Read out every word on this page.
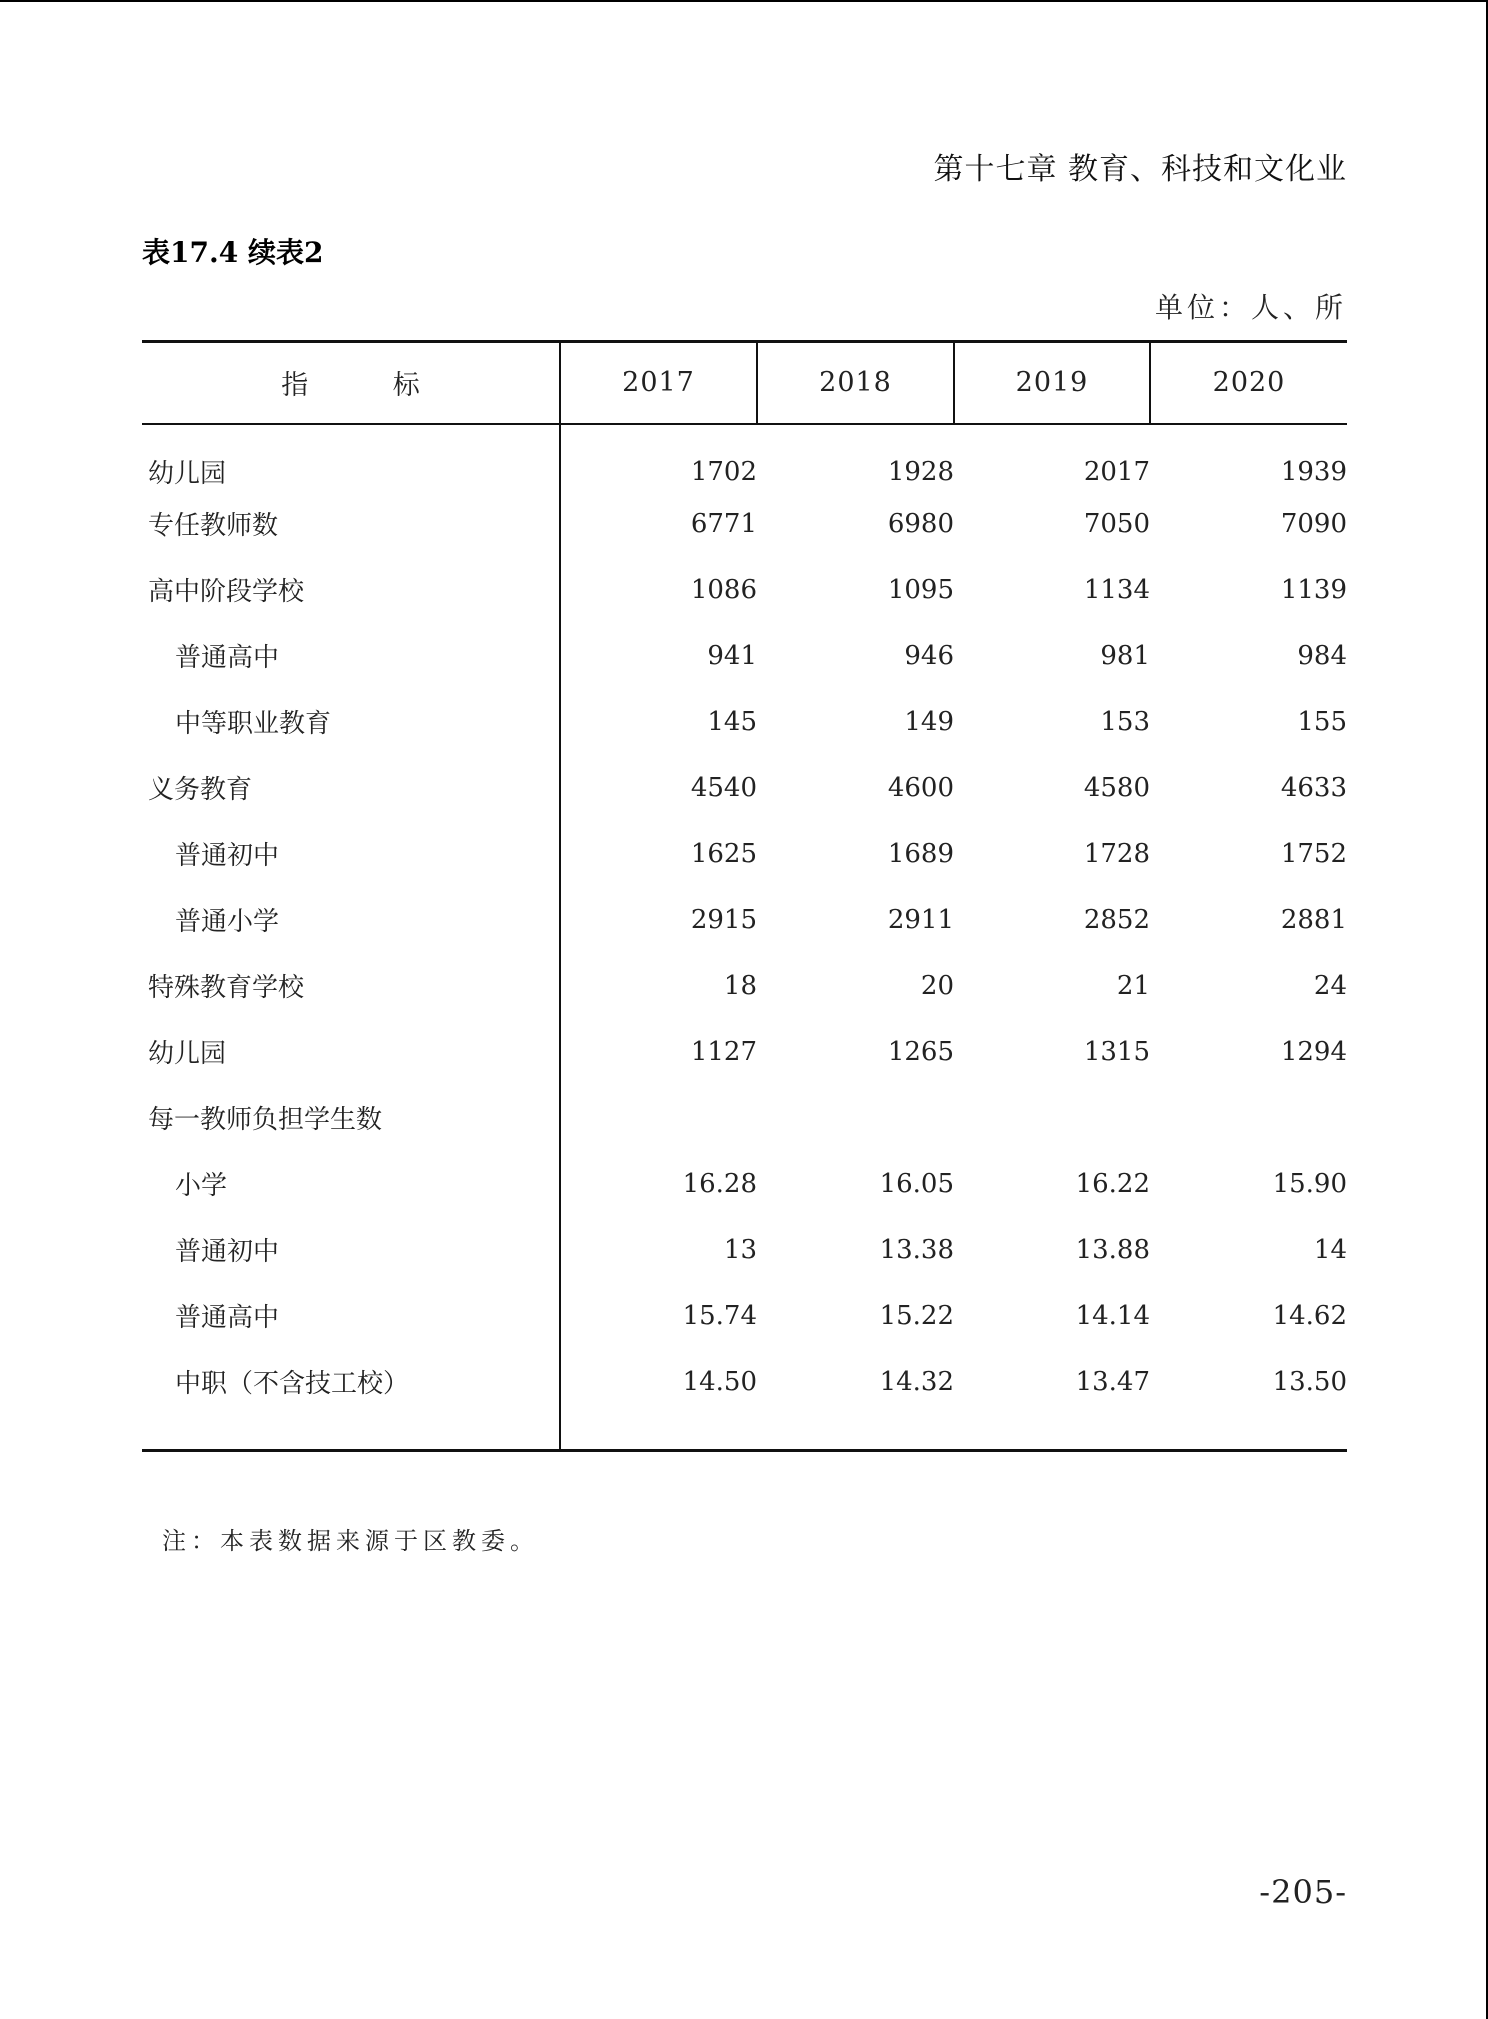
第十七章 教育、科技和文化业
表17.4 续表2
单位：人、所
指 标	2017	2018	2019	2020
幼儿园	1702	1928	2017	1939
专任教师数	6771	6980	7050	7090
高中阶段学校	1086	1095	1134	1139
普通高中	941	946	981	984
中等职业教育	145	149	153	155
义务教育	4540	4600	4580	4633
普通初中	1625	1689	1728	1752
普通小学	2915	2911	2852	2881
特殊教育学校	18	20	21	24
幼儿园	1127	1265	1315	1294
每一教师负担学生数				
小学	16.28	16.05	16.22	15.90
普通初中	13	13.38	13.88	14
普通高中	15.74	15.22	14.14	14.62
中职（不含技工校）	14.50	14.32	13.47	13.50

注：本表数据来源于区教委。
-205-
